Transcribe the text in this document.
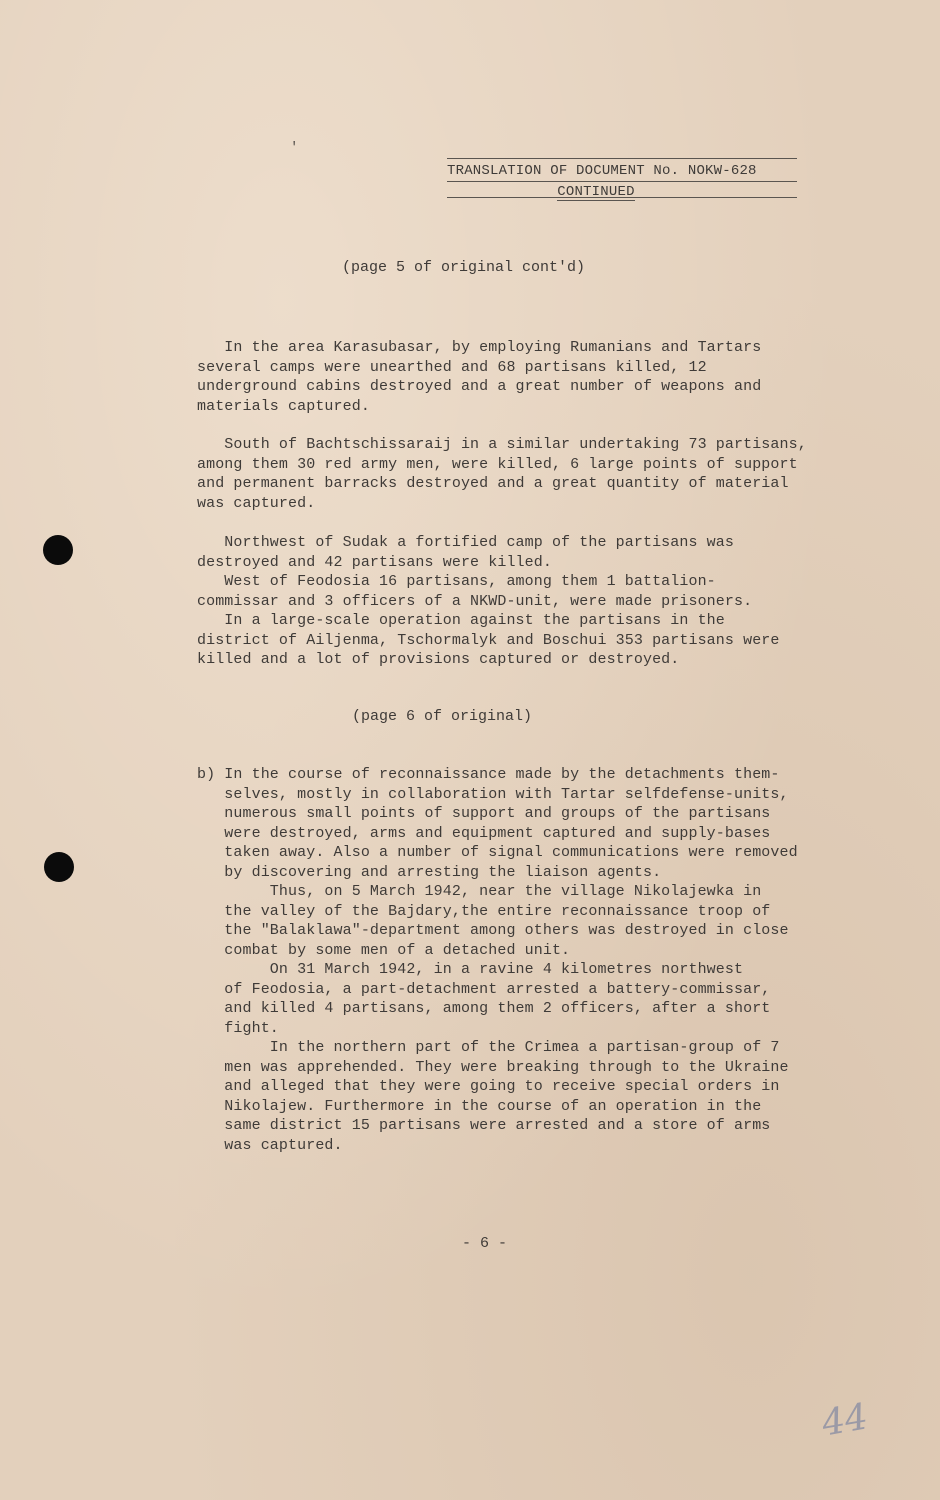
TRANSLATION OF DOCUMENT No. NOKW-628
CONTINUED
(page 5 of original cont'd)
In the area Karasubasar, by employing Rumanians and Tartars
several camps were unearthed and 68 partisans killed, 12
underground cabins destroyed and a great number of weapons and
materials captured.
South of Bachtschissaraij in a similar undertaking 73 partisans,
among them 30 red army men, were killed, 6 large points of support
and permanent barracks destroyed and a great quantity of material
was captured.
Northwest of Sudak a fortified camp of the partisans was
destroyed and 42 partisans were killed.
West of Feodosia 16 partisans, among them 1 battalion-
commissar and 3 officers of a NKWD-unit, were made prisoners.
In a large-scale operation against the partisans in the
district of Ailjenma, Tschormalyk and Boschui 353 partisans were
killed and a lot of provisions captured or destroyed.
(page 6 of original)
b) In the course of reconnaissance made by the detachments them-
selves, mostly in collaboration with Tartar selfdefense-units,
numerous small points of support and groups of the partisans
were destroyed, arms and equipment captured and supply-bases
taken away. Also a number of signal communications were removed
by discovering and arresting the liaison agents.
Thus, on 5 March 1942, near the village Nikolajewka in
the valley of the Bajdary,the entire reconnaissance troop of
the "Balaklawa"-department among others was destroyed in close
combat by some men of a detached unit.
On 31 March 1942, in a ravine 4 kilometres northwest
of Feodosia, a part-detachment arrested a battery-commissar,
and killed 4 partisans, among them 2 officers, after a short
fight.
In the northern part of the Crimea a partisan-group of 7
men was apprehended. They were breaking through to the Ukraine
and alleged that they were going to receive special orders in
Nikolajew. Furthermore in the course of an operation in the
same district 15 partisans were arrested and a store of arms
was captured.
- 6 -
44
'
